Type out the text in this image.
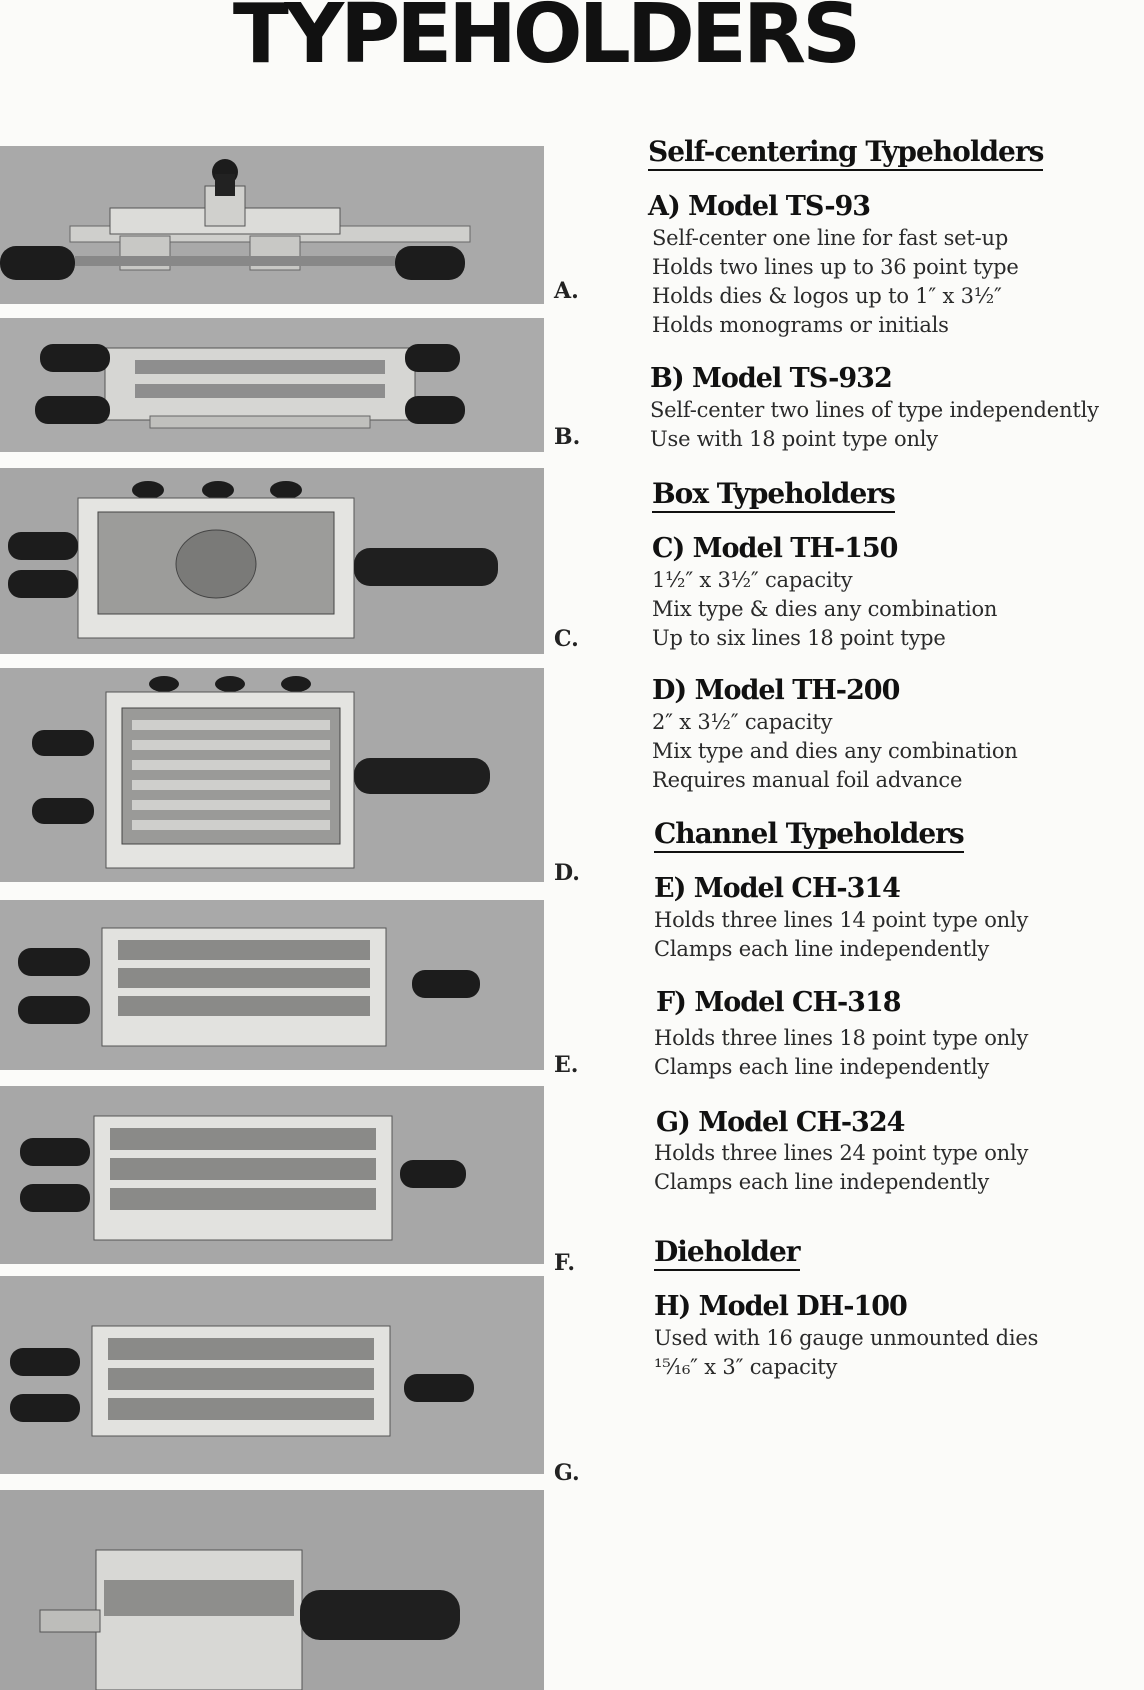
TYPEHOLDERS
A.
B.
C.
D.
E.
F.
G.
Self-centering Typeholders
A) Model TS-93
Self-center one line for fast set-up
Holds two lines up to 36 point type
Holds dies & logos up to 1″ x 3½″
Holds monograms or initials
B) Model TS-932
Self-center two lines of type independently
Use with 18 point type only
Box Typeholders
C) Model TH-150
1½″ x 3½″ capacity
Mix type & dies any combination
Up to six lines 18 point type
D) Model TH-200
2″ x 3½″ capacity
Mix type and dies any combination
Requires manual foil advance
Channel Typeholders
E) Model CH-314
Holds three lines 14 point type only
Clamps each line independently
F) Model CH-318
Holds three lines 18 point type only
Clamps each line independently
G) Model CH-324
Holds three lines 24 point type only
Clamps each line independently
Dieholder
H) Model DH-100
Used with 16 gauge unmounted dies
¹⁵⁄₁₆″ x 3″ capacity
